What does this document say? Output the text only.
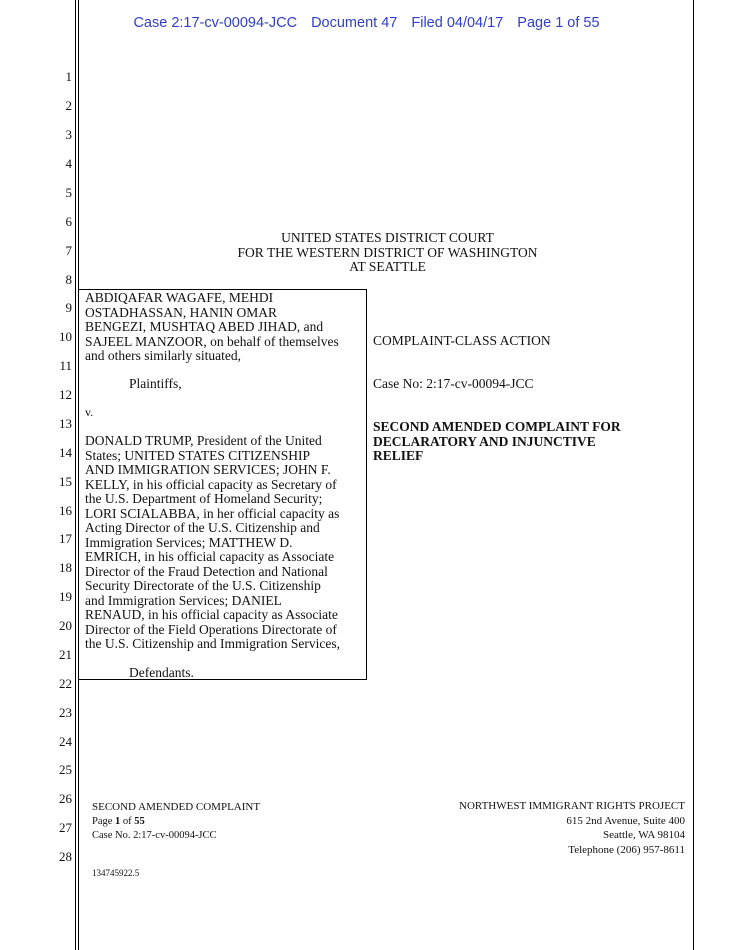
Case 2:17-cv-00094-JCC Document 47 Filed 04/04/17 Page 1 of 55
1
2
3
4
5
6
7
8
9
10
11
12
13
14
15
16
17
18
19
20
21
22
23
24
25
26
27
28
UNITED STATES DISTRICT COURT
FOR THE WESTERN DISTRICT OF WASHINGTON
AT SEATTLE
ABDIQAFAR WAGAFE, MEHDI
OSTADHASSAN, HANIN OMAR
BENGEZI, MUSHTAQ ABED JIHAD, and
SAJEEL MANZOOR, on behalf of themselves
and others similarly situated,
Plaintiffs,
v.
DONALD TRUMP, President of the United
States; UNITED STATES CITIZENSHIP
AND IMMIGRATION SERVICES; JOHN F.
KELLY, in his official capacity as Secretary of
the U.S. Department of Homeland Security;
LORI SCIALABBA, in her official capacity as
Acting Director of the U.S. Citizenship and
Immigration Services; MATTHEW D.
EMRICH, in his official capacity as Associate
Director of the Fraud Detection and National
Security Directorate of the U.S. Citizenship
and Immigration Services; DANIEL
RENAUD, in his official capacity as Associate
Director of the Field Operations Directorate of
the U.S. Citizenship and Immigration Services,
Defendants.
COMPLAINT-CLASS ACTION
Case No: 2:17-cv-00094-JCC
SECOND AMENDED COMPLAINT FOR
DECLARATORY AND INJUNCTIVE
RELIEF
SECOND AMENDED COMPLAINT
Page 1 of 55
Case No. 2:17-cv-00094-JCC
NORTHWEST IMMIGRANT RIGHTS PROJECT
615 2nd Avenue, Suite 400
Seattle, WA 98104
Telephone (206) 957-8611
134745922.5
